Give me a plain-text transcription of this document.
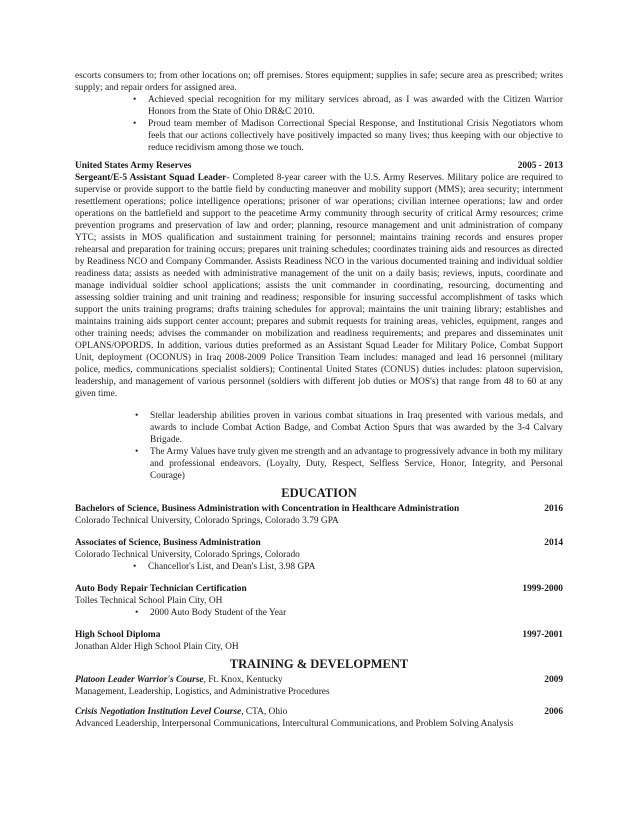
escorts consumers to; from other locations on; off premises. Stores equipment; supplies in safe; secure area as prescribed; writes supply; and repair orders for assigned area.

• Achieved special recognition for my military services abroad, as I was awarded with the Citizen Warrior Honors from the State of Ohio DR&C 2010.
• Proud team member of Madison Correctional Special Response, and Institutional Crisis Negotiators whom feels that our actions collectively have positively impacted so many lives; thus keeping with our objective to reduce recidivism among those we touch.
United States Army Reserves	2005 - 2013

Sergeant/E-5 Assistant Squad Leader- Completed 8-year career with the U.S. Army Reserves. Military police are required to supervise or provide support to the battle field by conducting maneuver and mobility support (MMS); area security; internment resettlement operations; police intelligence operations; prisoner of war operations; civilian internee operations; law and order operations on the battlefield and support to the peacetime Army community through security of critical Army resources; crime prevention programs and preservation of law and order; planning, resource management and unit administration of company YTC; assists in MOS qualification and sustainment training for personnel; maintains training records and ensures proper rehearsal and preparation for training occurs; prepares unit training schedules; coordinates training aids and resources as directed by Readiness NCO and Company Commander. Assists Readiness NCO in the various documented training and individual soldier readiness data; assists as needed with administrative management of the unit on a daily basis; reviews, inputs, coordinate and manage individual soldier school applications; assists the unit commander in coordinating, resourcing, documenting and assessing soldier training and unit training and readiness; responsible for insuring successful accomplishment of tasks which support the units training programs; drafts training schedules for approval; maintains the unit training library; establishes and maintains training aids support center account; prepares and submit requests for training areas, vehicles, equipment, ranges and other training needs; advises the commander on mobilization and readiness requirements; and prepares and disseminates unit OPLANS/OPORDS. In addition, various duties preformed as an Assistant Squad Leader for Military Police, Combat Support Unit, deployment (OCONUS) in Iraq 2008-2009 Police Transition Team includes: managed and lead 16 personnel (military police, medics, communications specialist soldiers); Continental United States (CONUS) duties includes: platoon supervision, leadership, and management of various personnel (soldiers with different job duties or MOS's) that range from 48 to 60 at any given time.

• Stellar leadership abilities proven in various combat situations in Iraq presented with various medals, and awards to include Combat Action Badge, and Combat Action Spurs that was awarded by the 3-4 Calvary Brigade.
• The Army Values have truly given me strength and an advantage to progressively advance in both my military and professional endeavors. (Loyalty, Duty, Respect, Selfless Service, Honor, Integrity, and Personal Courage)
EDUCATION
Bachelors of Science, Business Administration with Concentration in Healthcare Administration	2016
Colorado Technical University, Colorado Springs, Colorado 3.79 GPA
Associates of Science, Business Administration	2014
Colorado Technical University, Colorado Springs, Colorado
• Chancellor's List, and Dean's List, 3.98 GPA
Auto Body Repair Technician Certification	1999-2000
Tolles Technical School Plain City, OH
• 2000 Auto Body Student of the Year
High School Diploma	1997-2001
Jonathan Alder High School Plain City, OH
TRAINING & DEVELOPMENT
Platoon Leader Warrior's Course, Ft. Knox, Kentucky	2009
Management, Leadership, Logistics, and Administrative Procedures
Crisis Negotiation Institution Level Course, CTA, Ohio	2006
Advanced Leadership, Interpersonal Communications, Intercultural Communications, and Problem Solving Analysis
